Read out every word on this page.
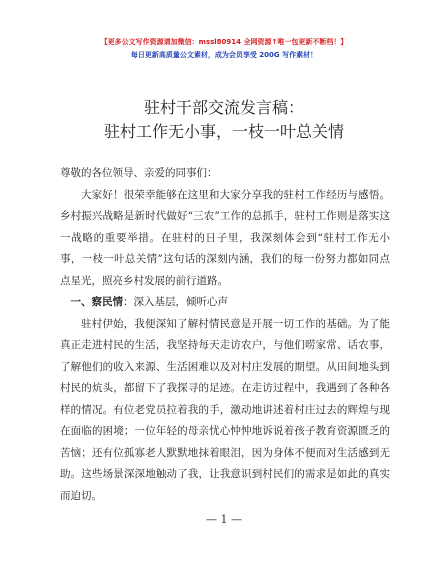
【更多公文写作资源请加微信：mssl80914 全网资源↑唯一包更新不断档！】
每日更新高质量公文素材，成为会员享受 200G 写作素材！
驻村干部交流发言稿：
驻村工作无小事，一枝一叶总关情

尊敬的各位领导、亲爱的同事们：

大家好！很荣幸能够在这里和大家分享我的驻村工作经历与感悟。乡村振兴战略是新时代做好“三农”工作的总抓手，驻村工作则是落实这一战略的重要举措。在驻村的日子里，我深刻体会到“驻村工作无小事，一枝一叶总关情”这句话的深刻内涵，我们的每一份努力都如同点点星光，照亮乡村发展的前行道路。

一、察民情：深入基层，倾听心声

驻村伊始，我便深知了解村情民意是开展一切工作的基础。为了能真正走进村民的生活，我坚持每天走访农户，与他们唠家常、话农事，了解他们的收入来源、生活困难以及对村庄发展的期望。从田间地头到村民的炕头，都留下了我探寻的足迹。在走访过程中，我遇到了各种各样的情况。有位老党员拉着我的手，激动地讲述着村庄过去的辉煌与现在面临的困境；一位年轻的母亲忧心忡忡地诉说着孩子教育资源匮乏的苦恼；还有位孤寡老人默默地抹着眼泪，因为身体不便而对生活感到无助。这些场景深深地触动了我，让我意识到村民们的需求是如此的真实而迫切。

— 1 —
